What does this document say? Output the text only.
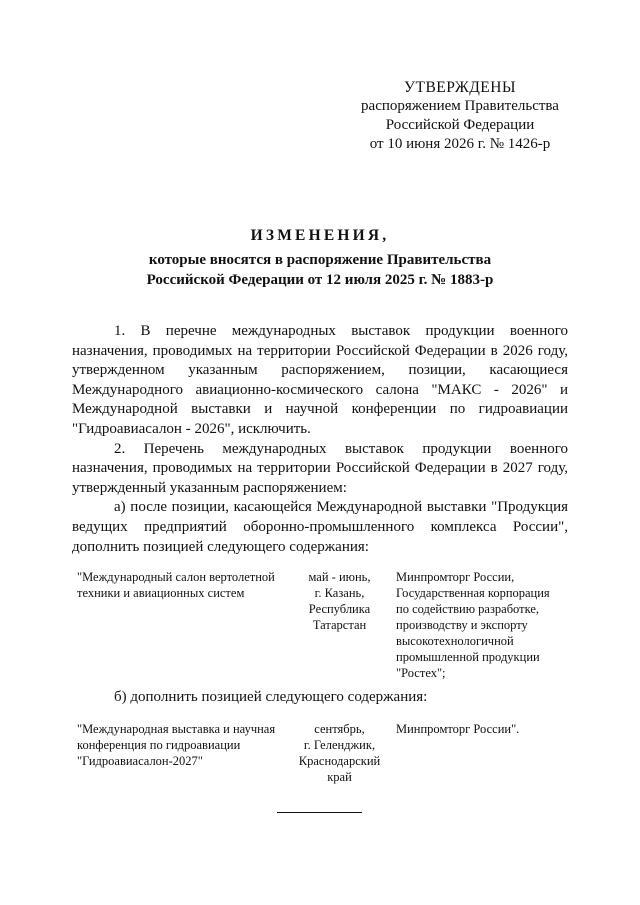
УТВЕРЖДЕНЫ
распоряжением Правительства
Российской Федерации
от 10 июня 2026 г. № 1426-р
ИЗМЕНЕНИЯ,
которые вносятся в распоряжение Правительства
Российской Федерации от 12 июля 2025 г. № 1883-р

1. В перечне международных выставок продукции военного назначения, проводимых на территории Российской Федерации в 2026 году, утвержденном указанным распоряжением, позиции, касающиеся Международного авиационно-космического салона "МАКС - 2026" и Международной выставки и научной конференции по гидроавиации "Гидроавиасалон - 2026", исключить.

2. Перечень международных выставок продукции военного назначения, проводимых на территории Российской Федерации в 2027 году, утвержденный указанным распоряжением:

а) после позиции, касающейся Международной выставки "Продукция ведущих предприятий оборонно-промышленного комплекса России", дополнить позицией следующего содержания:

"Международный салон вертолетной
техники и авиационных систем
май - июнь,
г. Казань,
Республика
Татарстан
Минпромторг России,
Государственная корпорация
по содействию разработке,
производству и экспорту
высокотехнологичной
промышленной продукции
"Ростех";
б) дополнить позицией следующего содержания:
"Международная выставка и научная
конференция по гидроавиации
"Гидроавиасалон-2027"
сентябрь,
г. Геленджик,
Краснодарский
край
Минпромторг России".
